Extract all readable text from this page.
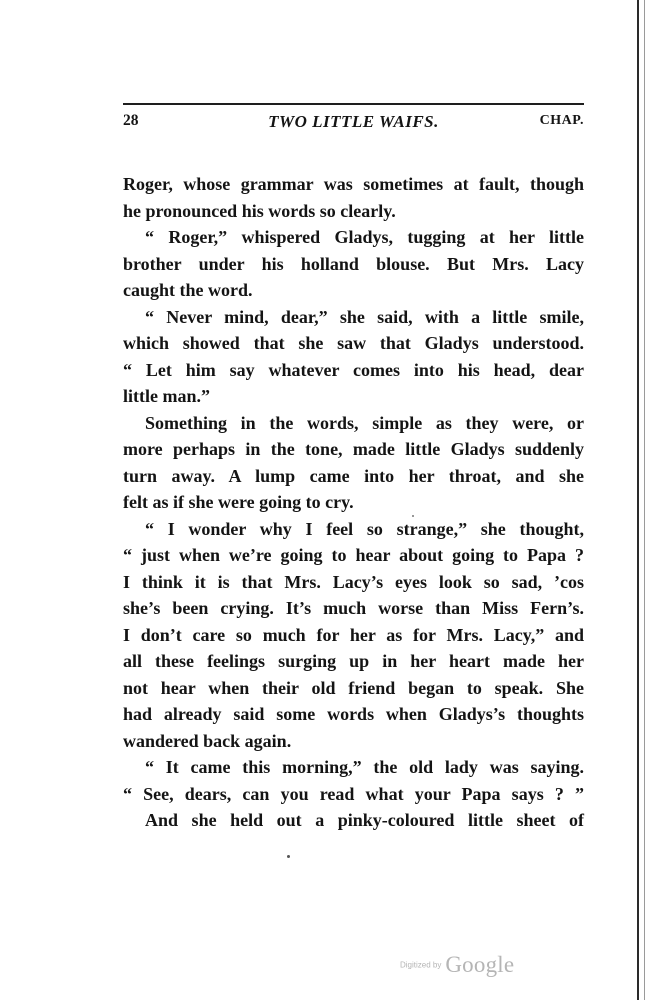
28	TWO LITTLE WAIFS.	CHAP.
Roger, whose grammar was sometimes at fault, though
he pronounced his words so clearly.
“ Roger,” whispered Gladys, tugging at her little
brother under his holland blouse. But Mrs. Lacy
caught the word.
“ Never mind, dear,” she said, with a little smile,
which showed that she saw that Gladys understood.
“ Let him say whatever comes into his head, dear
little man.”
Something in the words, simple as they were, or
more perhaps in the tone, made little Gladys suddenly
turn away. A lump came into her throat, and she
felt as if she were going to cry.
“ I wonder why I feel so strange,” she thought,
“ just when we’re going to hear about going to Papa ?
I think it is that Mrs. Lacy’s eyes look so sad, ’cos
she’s been crying. It’s much worse than Miss Fern’s.
I don’t care so much for her as for Mrs. Lacy,” and
all these feelings surging up in her heart made her
not hear when their old friend began to speak. She
had already said some words when Gladys’s thoughts
wandered back again.
“ It came this morning,” the old lady was saying.
“ See, dears, can you read what your Papa says ? ”
And she held out a pinky-coloured little sheet of
Digitized by Google
